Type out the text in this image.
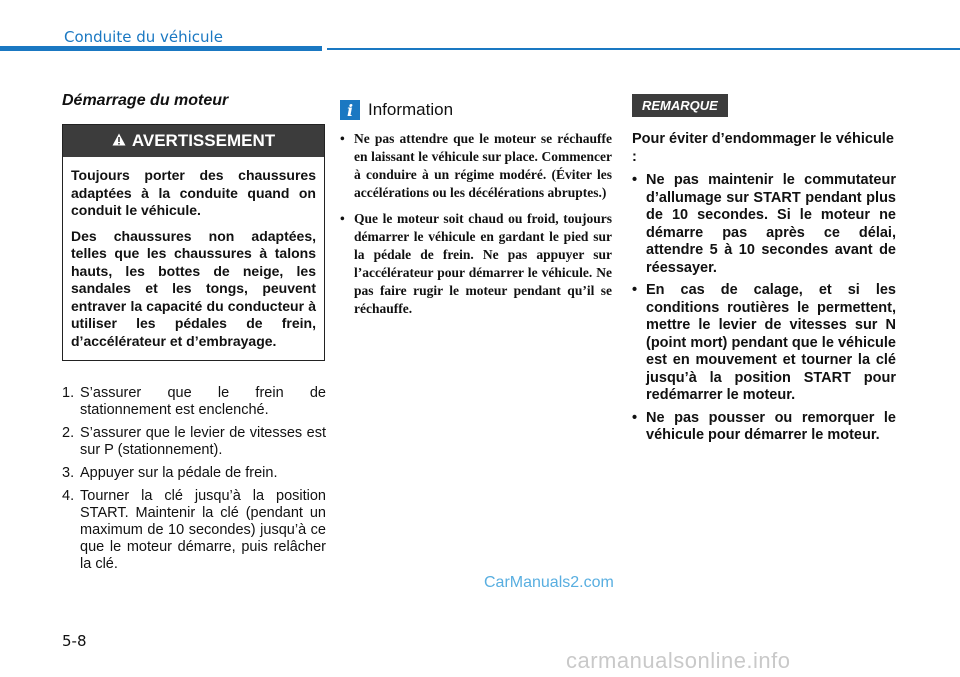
Conduite du véhicule
Démarrage du moteur
AVERTISSEMENT

Toujours porter des chaussures adaptées à la conduite quand on conduit le véhicule.

Des chaussures non adaptées, telles que les chaussures à talons hauts, les bottes de neige, les sandales et les tongs, peuvent entraver la capacité du conducteur à utiliser les pédales de frein, d’accélérateur et d’embrayage.

1. S’assurer que le frein de stationnement est enclenché.
2. S’assurer que le levier de vitesses est sur P (stationnement).
3. Appuyer sur la pédale de frein.
4. Tourner la clé jusqu’à la position START. Maintenir la clé (pendant un maximum de 10 secondes) jusqu’à ce que le moteur démarre, puis relâcher la clé.
i Information
• Ne pas attendre que le moteur se réchauffe en laissant le véhicule sur place. Commencer à conduire à un régime modéré. (Éviter les accélérations ou les décélérations abruptes.)
• Que le moteur soit chaud ou froid, toujours démarrer le véhicule en gardant le pied sur la pédale de frein. Ne pas appuyer sur l’accélérateur pour démarrer le véhicule. Ne pas faire rugir le moteur pendant qu’il se réchauffe.
REMARQUE

Pour éviter d’endommager le véhicule :

• Ne pas maintenir le commutateur d’allumage sur START pendant plus de 10 secondes. Si le moteur ne démarre pas après ce délai, attendre 5 à 10 secondes avant de réessayer.
• En cas de calage, et si les conditions routières le permettent, mettre le levier de vitesses sur N (point mort) pendant que le véhicule est en mouvement et tourner la clé jusqu’à la position START pour redémarrer le moteur.
• Ne pas pousser ou remorquer le véhicule pour démarrer le moteur.
CarManuals2.com
5-8
carmanualsonline.info
